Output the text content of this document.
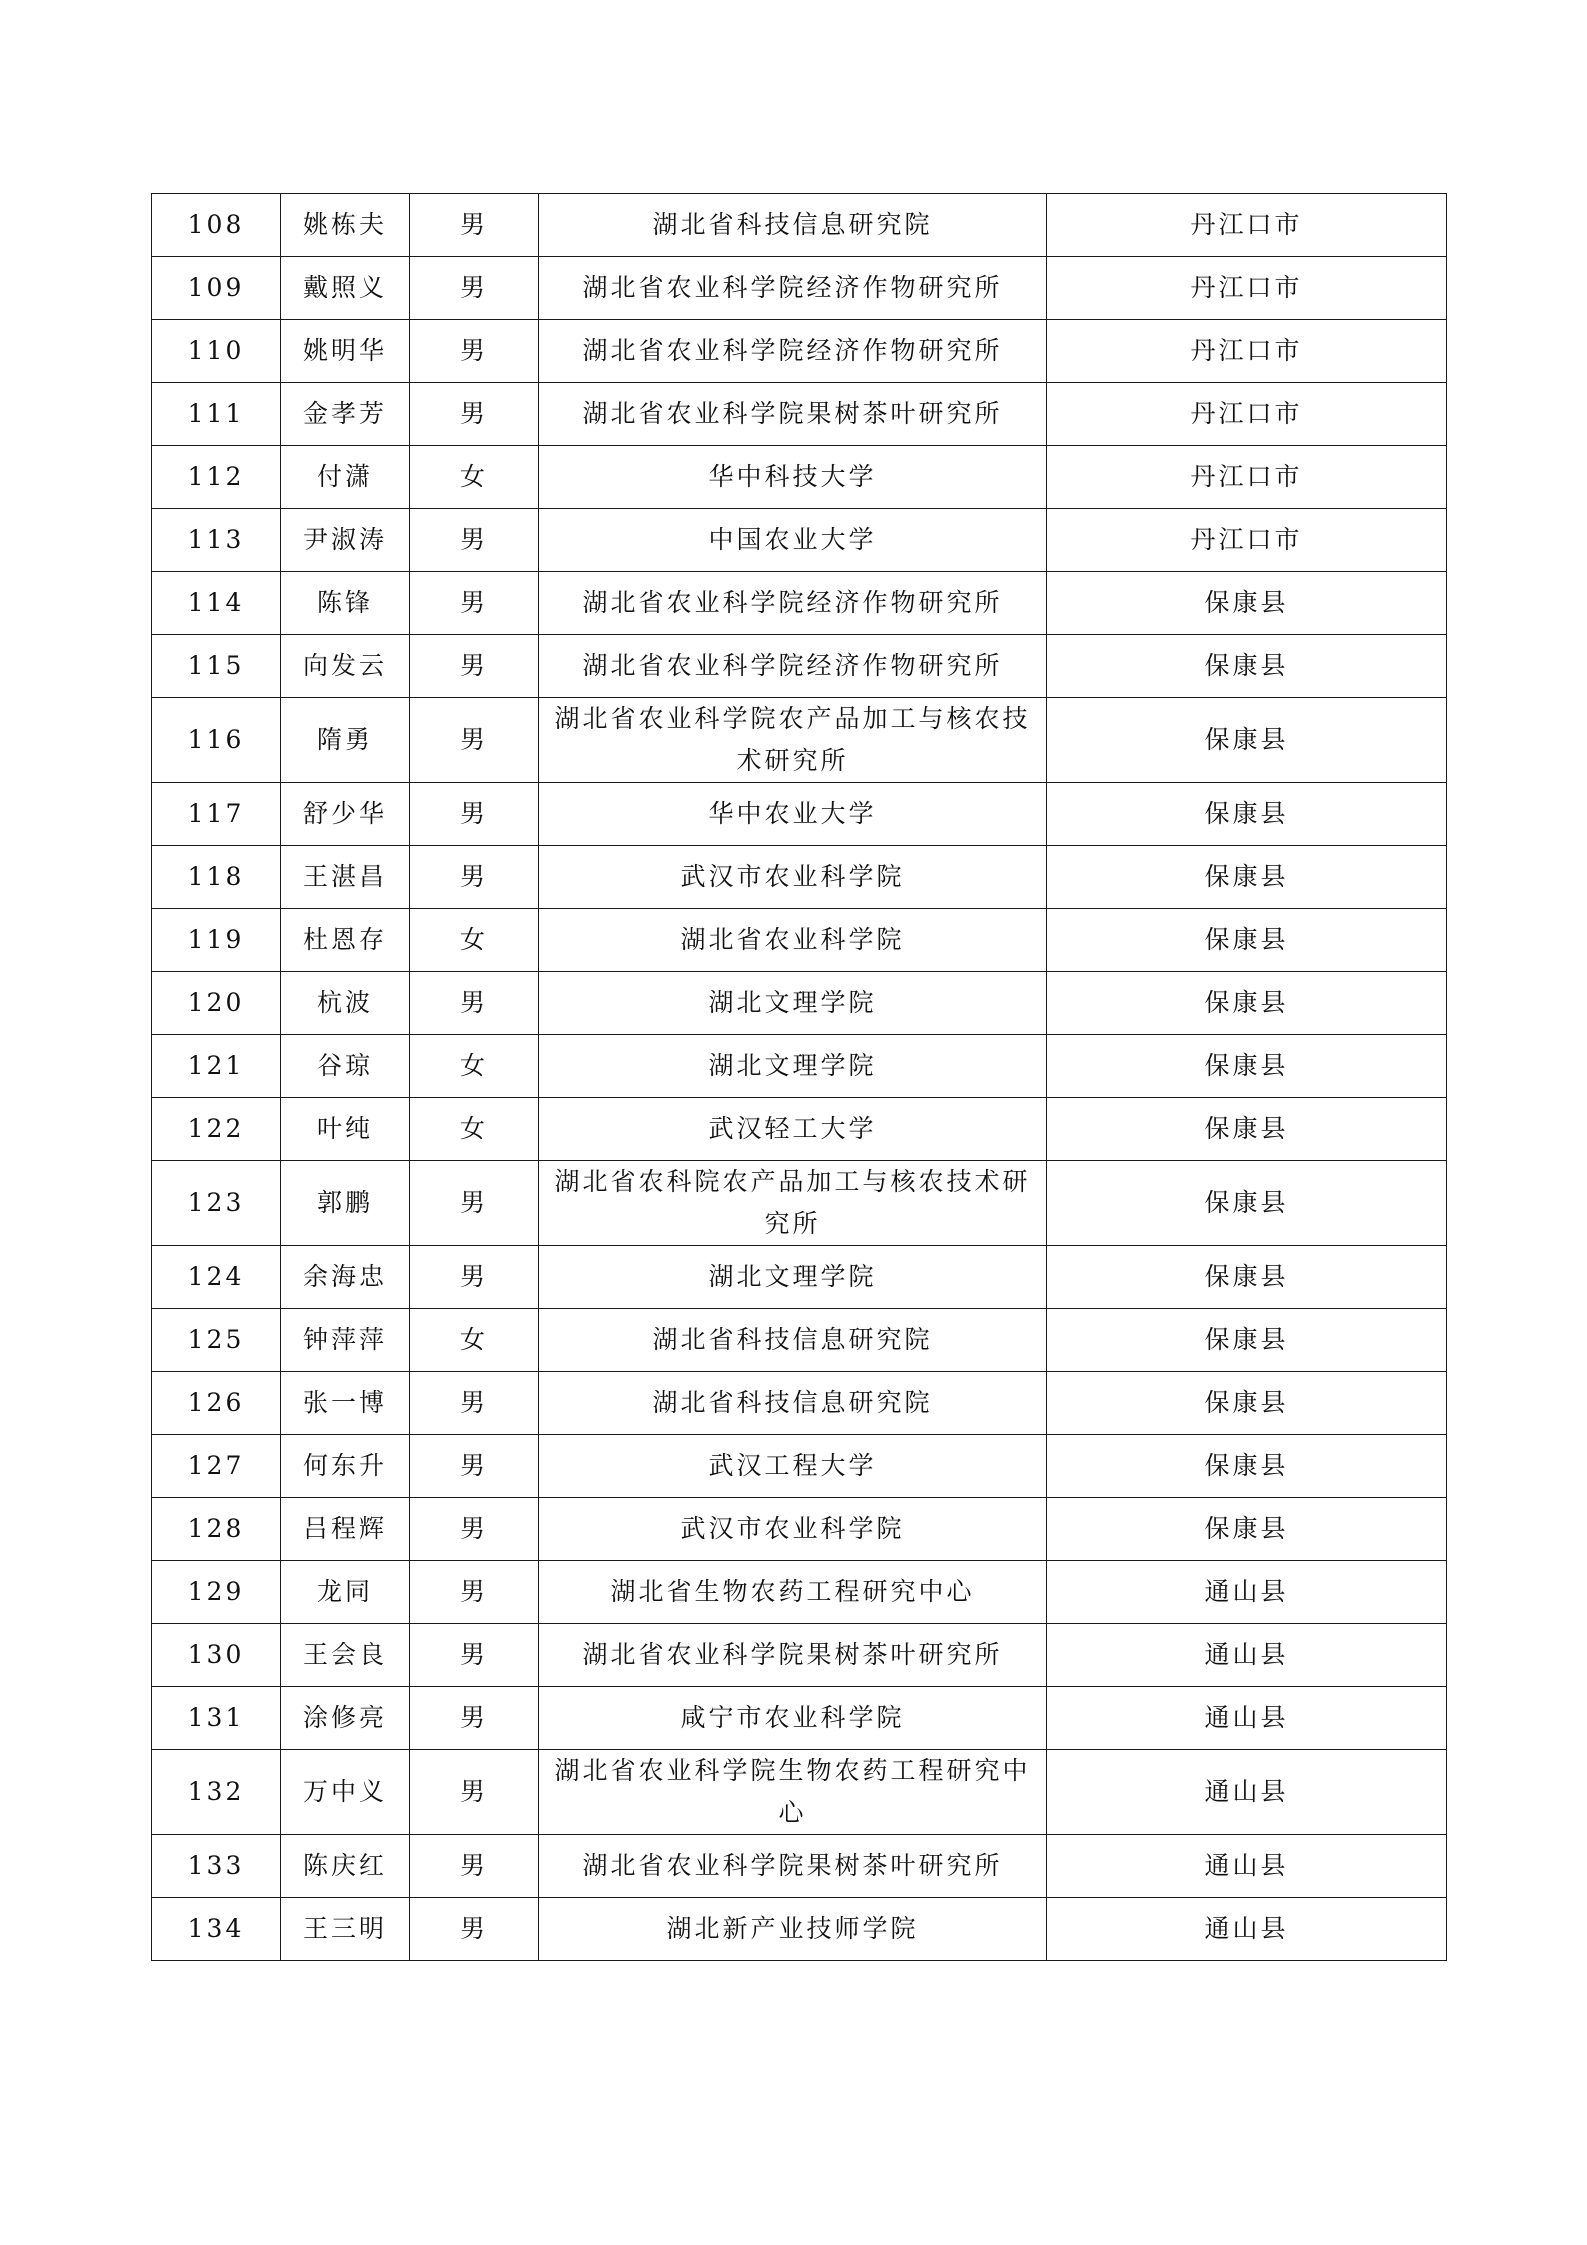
108	姚栋夫	男	湖北省科技信息研究院	丹江口市
109	戴照义	男	湖北省农业科学院经济作物研究所	丹江口市
110	姚明华	男	湖北省农业科学院经济作物研究所	丹江口市
111	金孝芳	男	湖北省农业科学院果树茶叶研究所	丹江口市
112	付潇	女	华中科技大学	丹江口市
113	尹淑涛	男	中国农业大学	丹江口市
114	陈锋	男	湖北省农业科学院经济作物研究所	保康县
115	向发云	男	湖北省农业科学院经济作物研究所	保康县
116	隋勇	男	湖北省农业科学院农产品加工与核农技术研究所	保康县
117	舒少华	男	华中农业大学	保康县
118	王湛昌	男	武汉市农业科学院	保康县
119	杜恩存	女	湖北省农业科学院	保康县
120	杭波	男	湖北文理学院	保康县
121	谷琼	女	湖北文理学院	保康县
122	叶纯	女	武汉轻工大学	保康县
123	郭鹏	男	湖北省农科院农产品加工与核农技术研究所	保康县
124	余海忠	男	湖北文理学院	保康县
125	钟萍萍	女	湖北省科技信息研究院	保康县
126	张一博	男	湖北省科技信息研究院	保康县
127	何东升	男	武汉工程大学	保康县
128	吕程辉	男	武汉市农业科学院	保康县
129	龙同	男	湖北省生物农药工程研究中心	通山县
130	王会良	男	湖北省农业科学院果树茶叶研究所	通山县
131	涂修亮	男	咸宁市农业科学院	通山县
132	万中义	男	湖北省农业科学院生物农药工程研究中心	通山县
133	陈庆红	男	湖北省农业科学院果树茶叶研究所	通山县
134	王三明	男	湖北新产业技师学院	通山县
